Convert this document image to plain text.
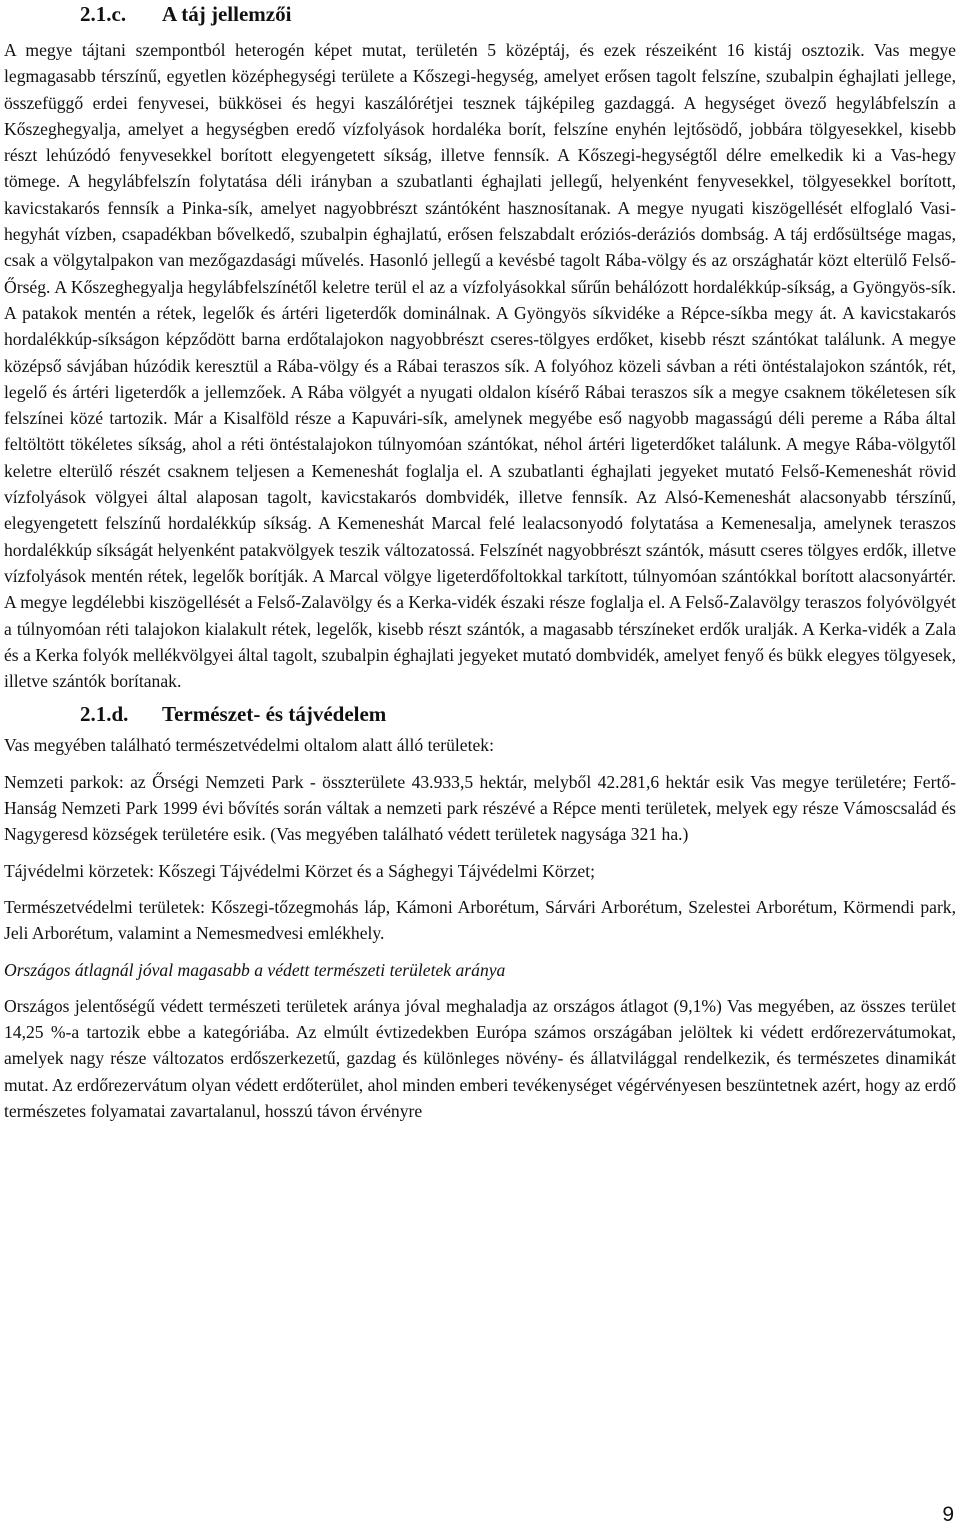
2.1.c. A táj jellemzői

A megye tájtani szempontból heterogén képet mutat, területén 5 középtáj, és ezek részeiként 16 kistáj osztozik. Vas megye legmagasabb térszínű, egyetlen középhegységi területe a Kőszegi-hegység, amelyet erősen tagolt felszíne, szubalpin éghajlati jellege, összefüggő erdei fenyvesei, bükkösei és hegyi kaszálórétjei tesznek tájképileg gazdaggá. A hegységet övező hegylábfelszín a Kőszeghegyalja, amelyet a hegységben eredő vízfolyások hordaléka borít, felszíne enyhén lejtősödő, jobbára tölgyesekkel, kisebb részt lehúzódó fenyvesekkel borított elegyengetett síkság, illetve fennsík. A Kőszegi-hegységtől délre emelkedik ki a Vas-hegy tömege. A hegylábfelszín folytatása déli irányban a szubatlanti éghajlati jellegű, helyenként fenyvesekkel, tölgyesekkel borított, kavicstakarós fennsík a Pinka-sík, amelyet nagyobbrészt szántóként hasznosítanak. A megye nyugati kiszögellését elfoglaló Vasi-hegyhát vízben, csapadékban bővelkedő, szubalpin éghajlatú, erősen felszabdalt eróziós-deráziós dombság. A táj erdősültsége magas, csak a völgytalpakon van mezőgazdasági művelés. Hasonló jellegű a kevésbé tagolt Rába-völgy és az országhatár közt elterülő Felső-Őrség. A Kőszeghegyalja hegylábfelszínétől keletre terül el az a vízfolyásokkal sűrűn behálózott hordalékkúp-síkság, a Gyöngyös-sík. A patakok mentén a rétek, legelők és ártéri ligeterdők dominálnak. A Gyöngyös síkvidéke a Répce-síkba megy át. A kavicstakarós hordalékkúp-síkságon képződött barna erdőtalajokon nagyobbrészt cseres-tölgyes erdőket, kisebb részt szántókat találunk. A megye középső sávjában húzódik keresztül a Rába-völgy és a Rábai teraszos sík. A folyóhoz közeli sávban a réti öntéstalajokon szántók, rét, legelő és ártéri ligeterdők a jellemzőek. A Rába völgyét a nyugati oldalon kísérő Rábai teraszos sík a megye csaknem tökéletesen sík felszínei közé tartozik. Már a Kisalföld része a Kapuvári-sík, amelynek megyébe eső nagyobb magasságú déli pereme a Rába által feltöltött tökéletes síkság, ahol a réti öntéstalajokon túlnyomóan szántókat, néhol ártéri ligeterdőket találunk. A megye Rába-völgytől keletre elterülő részét csaknem teljesen a Kemeneshát foglalja el. A szubatlanti éghajlati jegyeket mutató Felső-Kemeneshát rövid vízfolyások völgyei által alaposan tagolt, kavicstakarós dombvidék, illetve fennsík. Az Alsó-Kemeneshát alacsonyabb térszínű, elegyengetett felszínű hordalékkúp síkság. A Kemeneshát Marcal felé lealacsonyodó folytatása a Kemenesalja, amelynek teraszos hordalékkúp síkságát helyenként patakvölgyek teszik változatossá. Felszínét nagyobbrészt szántók, másutt cseres tölgyes erdők, illetve vízfolyások mentén rétek, legelők borítják. A Marcal völgye ligeterdőfoltokkal tarkított, túlnyomóan szántókkal borított alacsonyártér. A megye legdélebbi kiszögellését a Felső-Zalavölgy és a Kerka-vidék északi része foglalja el. A Felső-Zalavölgy teraszos folyóvölgyét a túlnyomóan réti talajokon kialakult rétek, legelők, kisebb részt szántók, a magasabb térszíneket erdők uralják. A Kerka-vidék a Zala és a Kerka folyók mellékvölgyei által tagolt, szubalpin éghajlati jegyeket mutató dombvidék, amelyet fenyő és bükk elegyes tölgyesek, illetve szántók borítanak.

2.1.d. Természet- és tájvédelem

Vas megyében található természetvédelmi oltalom alatt álló területek:

Nemzeti parkok: az Őrségi Nemzeti Park - összterülete 43.933,5 hektár, melyből 42.281,6 hektár esik Vas megye területére; Fertő-Hanság Nemzeti Park 1999 évi bővítés során váltak a nemzeti park részévé a Répce menti területek, melyek egy része Vámoscsalád és Nagygeresd községek területére esik. (Vas megyében található védett területek nagysága 321 ha.)

Tájvédelmi körzetek: Kőszegi Tájvédelmi Körzet és a Sághegyi Tájvédelmi Körzet;

Természetvédelmi területek: Kőszegi-tőzegmohás láp, Kámoni Arborétum, Sárvári Arborétum, Szelestei Arborétum, Körmendi park, Jeli Arborétum, valamint a Nemesmedvesi emlékhely.

Országos átlagnál jóval magasabb a védett természeti területek aránya

Országos jelentőségű védett természeti területek aránya jóval meghaladja az országos átlagot (9,1%) Vas megyében, az összes terület 14,25 %-a tartozik ebbe a kategóriába. Az elmúlt évtizedekben Európa számos országában jelöltek ki védett erdőrezervátumokat, amelyek nagy része változatos erdőszerkezetű, gazdag és különleges növény- és állatvilággal rendelkezik, és természetes dinamikát mutat. Az erdőrezervátum olyan védett erdőterület, ahol minden emberi tevékenységet végérvényesen beszüntetnek azért, hogy az erdő természetes folyamatai zavartalanul, hosszú távon érvényre

9
